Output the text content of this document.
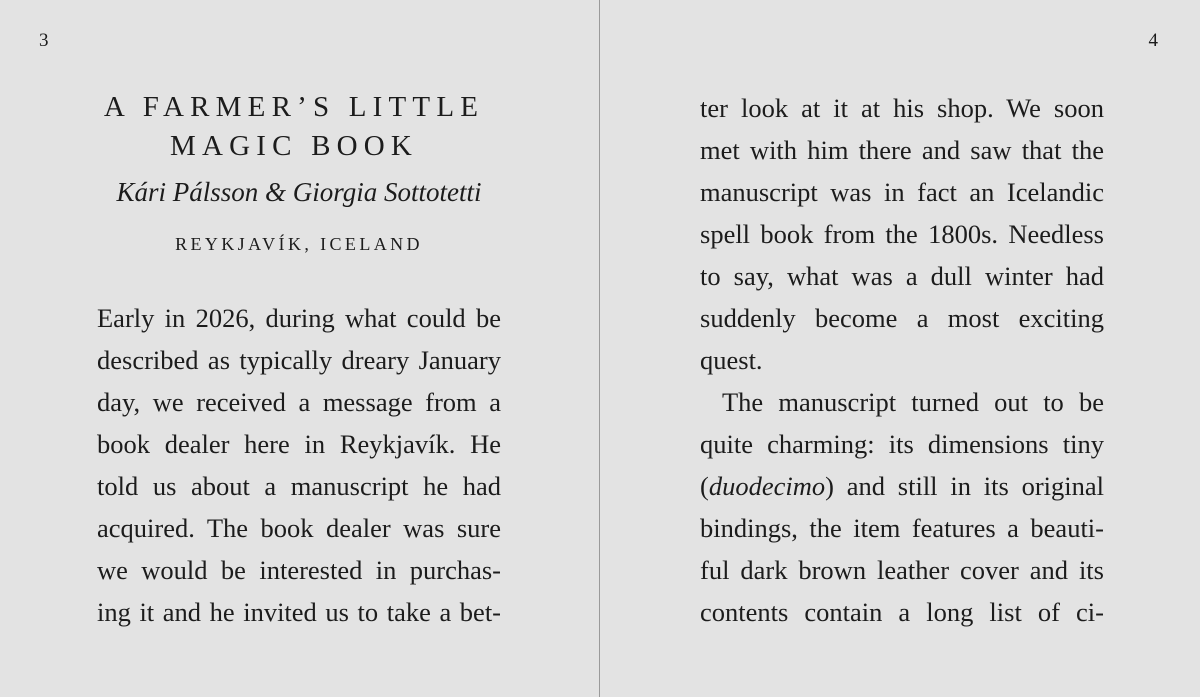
3	4
A FARMER’S LITTLE
MAGIC BOOK

Kári Pálsson & Giorgia Sottotetti

REYKJAVÍK, ICELAND

Early in 2026, during what could be
described as typically dreary January
day, we received a message from a
book dealer here in Reykjavík. He
told us about a manuscript he had
acquired. The book dealer was sure
we would be interested in purchas-
ing it and he invited us to take a bet-
ter look at it at his shop. We soon
met with him there and saw that the
manuscript was in fact an Icelandic
spell book from the 1800s. Needless
to say, what was a dull winter had
suddenly become a most exciting
quest.
The manuscript turned out to be
quite charming: its dimensions tiny
(duodecimo) and still in its original
bindings, the item features a beauti-
ful dark brown leather cover and its
contents contain a long list of ci-
